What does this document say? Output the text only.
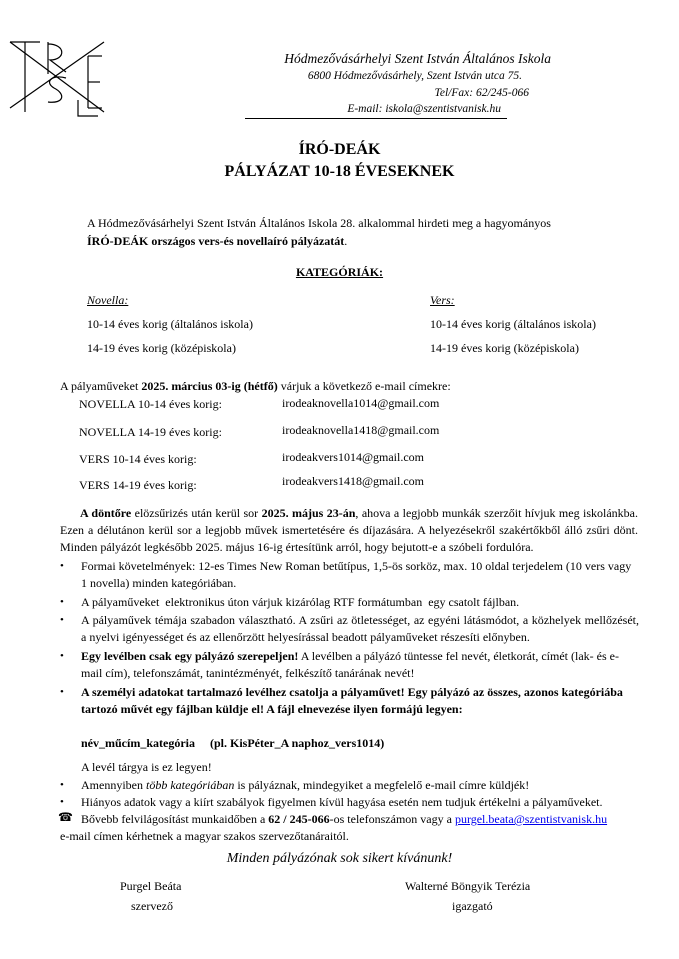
Hódmezővásárhelyi Szent István Általános Iskola
6800 Hódmezővásárhely, Szent István utca 75.
Tel/Fax: 62/245-066
E-mail: iskola@szentistvanisk.hu
ÍRÓ-DEÁK
PÁLYÁZAT 10-18 ÉVESEKNEK
A Hódmezővásárhelyi Szent István Általános Iskola 28. alkalommal hirdeti meg a hagyományos
ÍRÓ-DEÁK országos vers-és novellaíró pályázatát.
KATEGÓRIÁK:
Novella:
10-14 éves korig (általános iskola)
14-19 éves korig (középiskola)
Vers:
10-14 éves korig (általános iskola)
14-19 éves korig (középiskola)
A pályaműveket 2025. március 03-ig (hétfő) várjuk a következő e-mail címekre:
NOVELLA 10-14 éves korig:	irodeaknovella1014@gmail.com
NOVELLA 14-19 éves korig:	irodeaknovella1418@gmail.com
VERS 10-14 éves korig:	irodeakvers1014@gmail.com
VERS 14-19 éves korig:	irodeakvers1418@gmail.com
A döntőre elözsűrizés után kerül sor 2025. május 23-án, ahova a legjobb munkák szerzőit hívjuk meg iskolánkba. Ezen a délutánon kerül sor a legjobb művek ismertetésére és díjazására. A helyezésekről szakértőkből álló zsűri dönt. Minden pályázót legkésőbb 2025. május 16-ig értesítünk arról, hogy bejutott-e a szóbeli fordulóra.
• Formai követelmények: 12-es Times New Roman betűtípus, 1,5-ös sorköz, max. 10 oldal terjedelem (10 vers vagy 1 novella) minden kategóriában.
• A pályaműveket  elektronikus úton várjuk kizárólag RTF formátumban  egy csatolt fájlban.
• A pályaművek témája szabadon választható. A zsűri az ötletességet, az egyéni látásmódot, a közhelyek mellőzését, a nyelvi igényességet és az ellenőrzött helyesírással beadott pályaműveket részesíti előnyben.
• Egy levélben csak egy pályázó szerepeljen! A levélben a pályázó tüntesse fel nevét, életkorát, címét (lak- és e-mail cím), telefonszámát, tanintézményét, felkészítő tanárának nevét!
• A személyi adatokat tartalmazó levélhez csatolja a pályaművet! Egy pályázó az összes, azonos kategóriába tartozó művét egy fájlban küldje el! A fájl elnevezése ilyen formájú legyen:
név_műcím_kategória     (pl. KisPéter_A naphoz_vers1014)
A levél tárgya is ez legyen!
• Amennyiben több kategóriában is pályáznak, mindegyiket a megfelelő e-mail címre küldjék!
• Hiányos adatok vagy a kiírt szabályok figyelmen kívül hagyása esetén nem tudjuk értékelni a pályaműveket.
☎ Bővebb felvilágosítást munkaidőben a 62 / 245-066-os telefonszámon vagy a purgel.beata@szentistvanisk.hu
e-mail címen kérhetnek a magyar szakos szervezőtanáraitól.
Minden pályázónak sok sikert kívánunk!
Purgel Beáta
szervező
Walterné Böngyik Terézia
igazgató
